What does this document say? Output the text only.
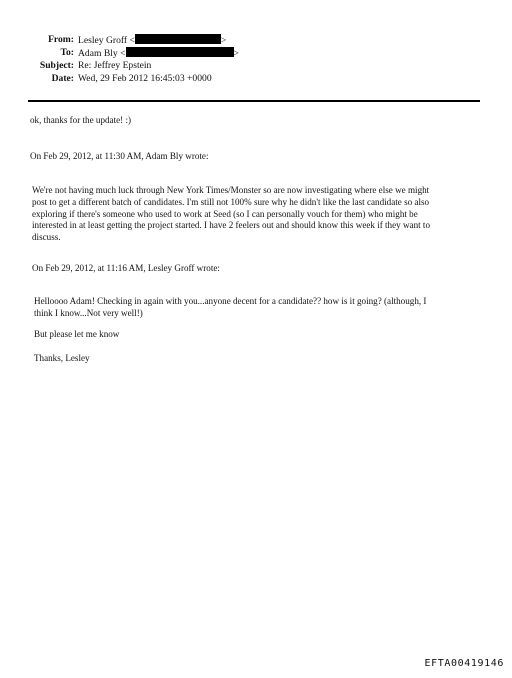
From: Lesley Groff <	>
To: Adam Bly <	>
Subject: Re: Jeffrey Epstein
Date: Wed, 29 Feb 2012 16:45:03 +0000
ok, thanks for the update! :)
On Feb 29, 2012, at 11:30 AM, Adam Bly wrote:
We're not having much luck through New York Times/Monster so are now investigating where else we might
post to get a different batch of candidates. I'm still not 100% sure why he didn't like the last candidate so also
exploring if there's someone who used to work at Seed (so I can personally vouch for them) who might be
interested in at least getting the project started. I have 2 feelers out and should know this week if they want to
discuss.
On Feb 29, 2012, at 11:16 AM, Lesley Groff wrote:
Helloooo Adam! Checking in again with you...anyone decent for a candidate?? how is it going? (although, I
think I know...Not very well!)
But please let me know
Thanks, Lesley
EFTA00419146
